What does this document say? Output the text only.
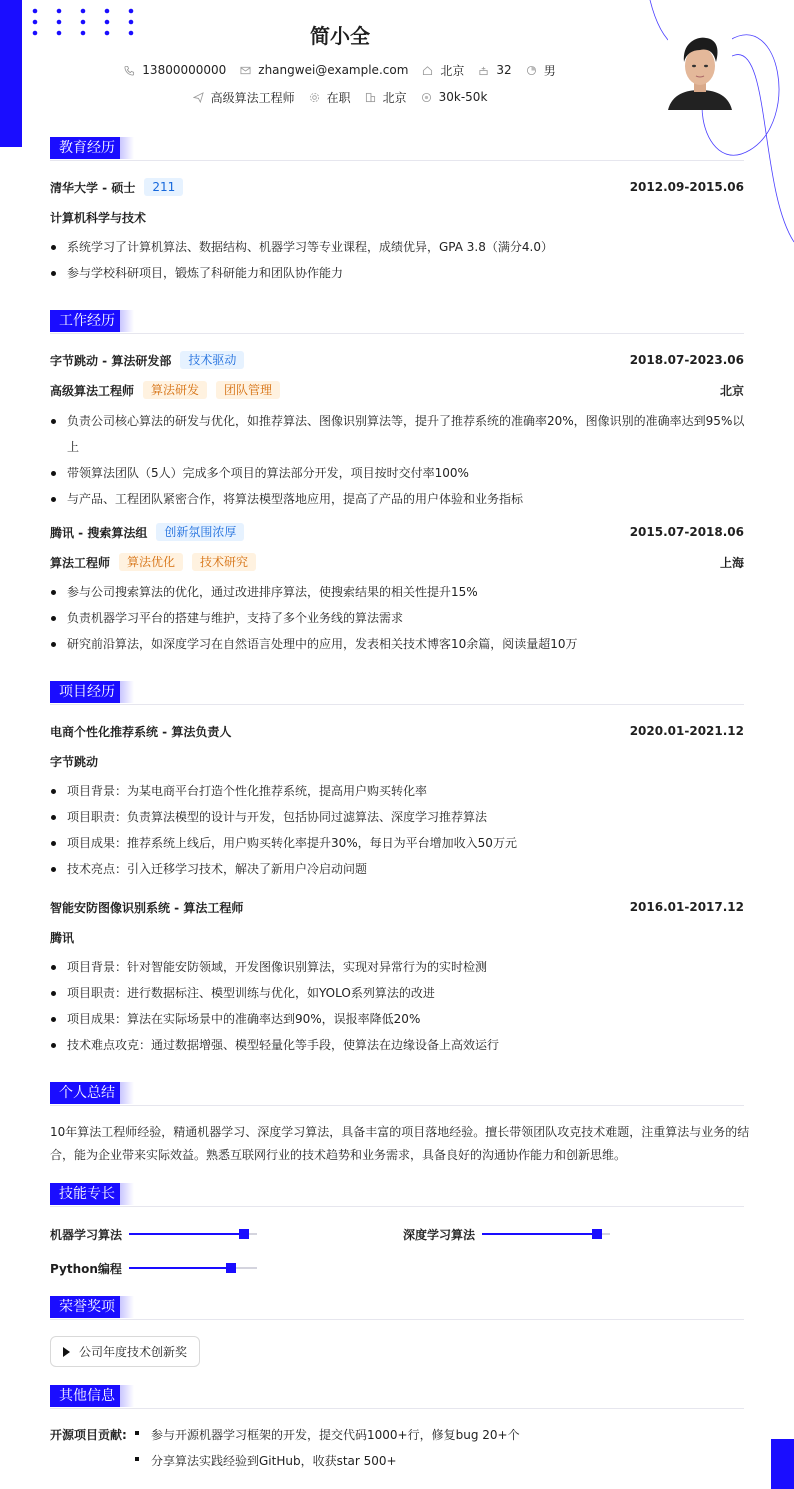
简小全
13800000000	zhangwei@example.com	北京	32	男
高级算法工程师	在职	北京	30k-50k
教育经历
清华大学 - 硕士	211	2012.09-2015.06
计算机科学与技术
系统学习了计算机算法、数据结构、机器学习等专业课程，成绩优异，GPA 3.8（满分4.0）
参与学校科研项目，锻炼了科研能力和团队协作能力
工作经历
字节跳动 - 算法研发部	技术驱动	2018.07-2023.06
高级算法工程师	算法研发	团队管理	北京
负责公司核心算法的研发与优化，如推荐算法、图像识别算法等，提升了推荐系统的准确率20%，图像识别的准确率达到95%以上
带领算法团队（5人）完成多个项目的算法部分开发，项目按时交付率100%
与产品、工程团队紧密合作，将算法模型落地应用，提高了产品的用户体验和业务指标
腾讯 - 搜索算法组	创新氛围浓厚	2015.07-2018.06
算法工程师	算法优化	技术研究	上海
参与公司搜索算法的优化，通过改进排序算法，使搜索结果的相关性提升15%
负责机器学习平台的搭建与维护，支持了多个业务线的算法需求
研究前沿算法，如深度学习在自然语言处理中的应用，发表相关技术博客10余篇，阅读量超10万
项目经历
电商个性化推荐系统 - 算法负责人	2020.01-2021.12
字节跳动
项目背景：为某电商平台打造个性化推荐系统，提高用户购买转化率
项目职责：负责算法模型的设计与开发，包括协同过滤算法、深度学习推荐算法
项目成果：推荐系统上线后，用户购买转化率提升30%，每日为平台增加收入50万元
技术亮点：引入迁移学习技术，解决了新用户冷启动问题
智能安防图像识别系统 - 算法工程师	2016.01-2017.12
腾讯
项目背景：针对智能安防领域，开发图像识别算法，实现对异常行为的实时检测
项目职责：进行数据标注、模型训练与优化，如YOLO系列算法的改进
项目成果：算法在实际场景中的准确率达到90%，误报率降低20%
技术难点攻克：通过数据增强、模型轻量化等手段，使算法在边缘设备上高效运行
个人总结
10年算法工程师经验，精通机器学习、深度学习算法，具备丰富的项目落地经验。擅长带领团队攻克技术难题，注重算法与业务的结合，能为企业带来实际效益。熟悉互联网行业的技术趋势和业务需求，具备良好的沟通协作能力和创新思维。
技能专长
机器学习算法	深度学习算法
Python编程
荣誉奖项
公司年度技术创新奖
其他信息
开源项目贡献:	参与开源机器学习框架的开发，提交代码1000+行，修复bug 20+个
分享算法实践经验到GitHub，收获star 500+
